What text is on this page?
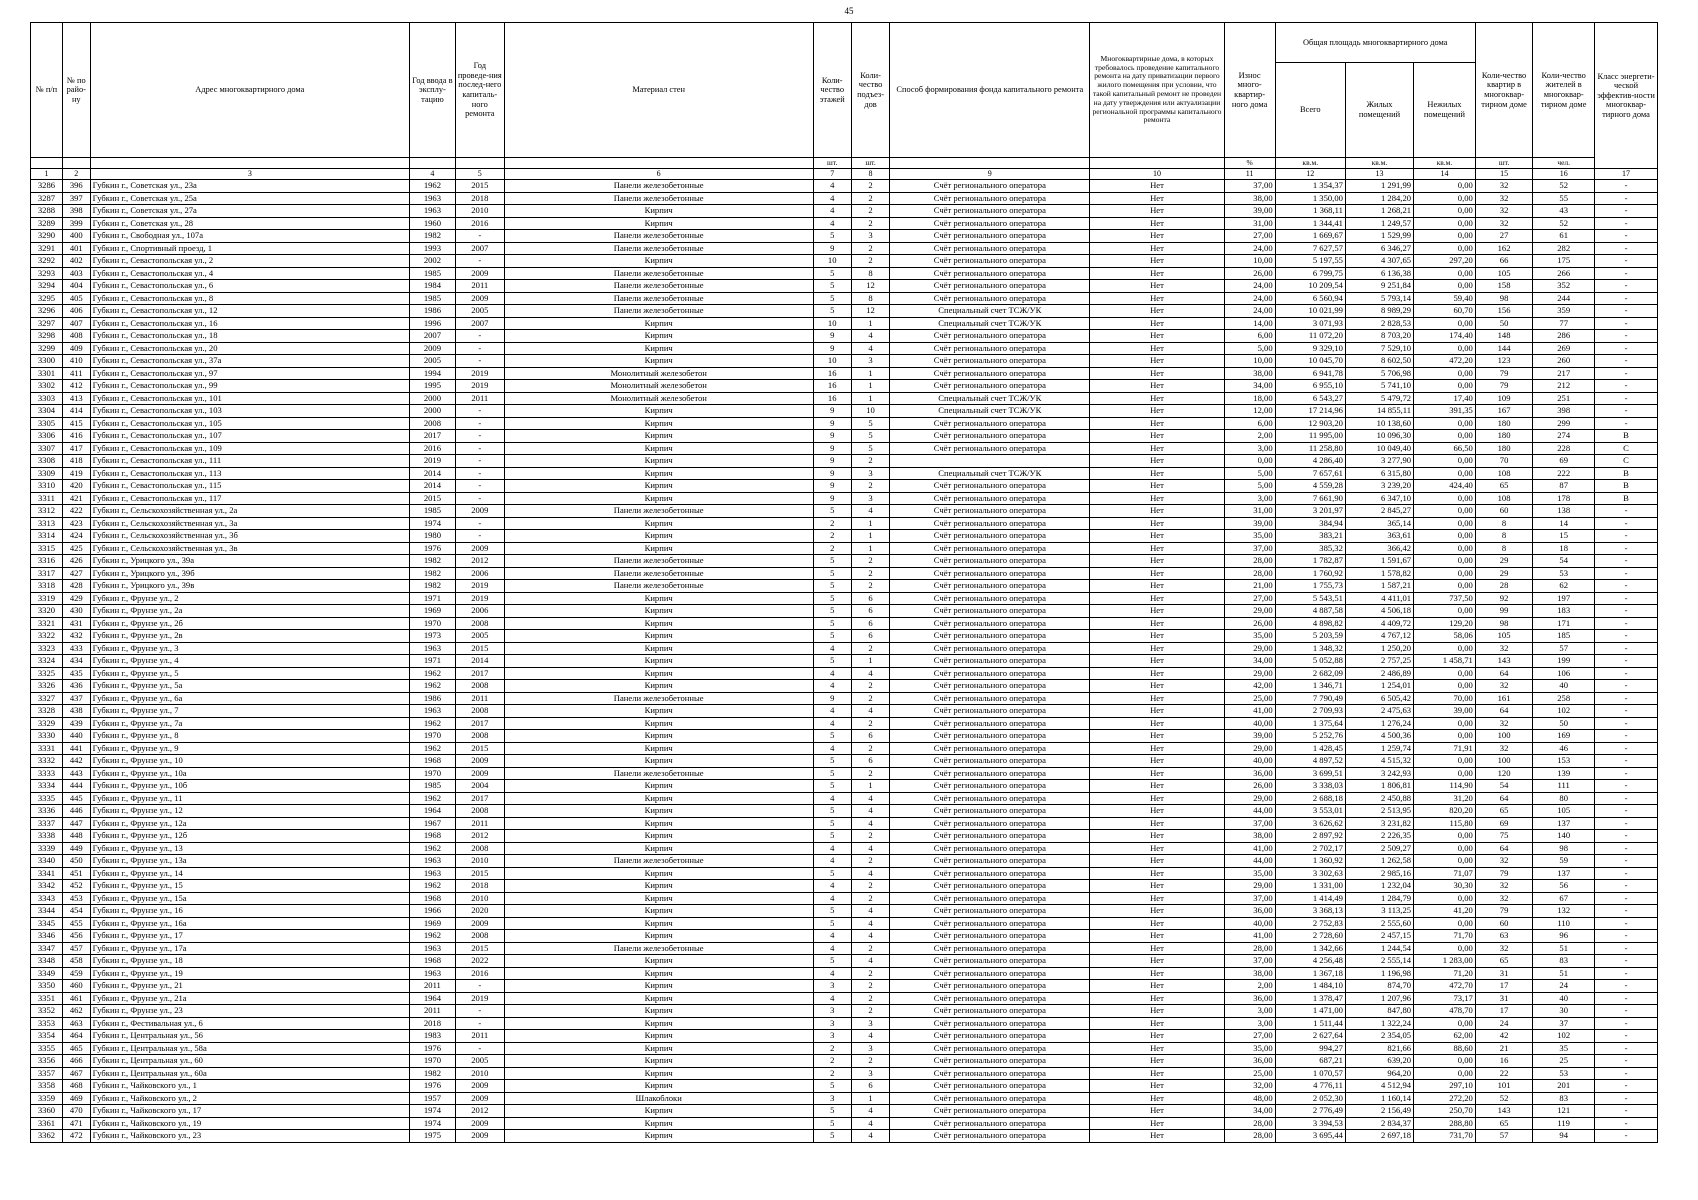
45
№ п/п	№ по райо-ну	Адрес многоквартирного дома	Год ввода в эксплу-тацию	Год проведе-ния послед-него капиталь-ного ремонта	Материал стен	Коли-чество этажей	Коли-чество подъез-дов	Способ формирования фонда капитального ремонта	Многоквартирные дома, в которых требовалось проведение капитального ремонта на дату приватизации первого жилого помещения при условии, что такой капитальный ремонт не проведен на дату утверждения или актуализации региональной программы капитального ремонта	Износ много-квартир-ного дома	Общая площадь многоквартирного дома			Коли-чество квартир в многоквар-тирном доме	Коли-чество жителей в многоквар-тирном доме	Класс энергети-ческой эффектив-ности многоквар-тирного дома
											Всего	Жилых помещений	Нежилых помещений			
						шт.	шт.			%	кв.м.	кв.м.	кв.м.	шт.	чел.	
1	2	3	4	5	6	7	8	9	10	11	12	13	14	15	16	17
3286	396	Губкин г., Советская ул., 23а	1962	2015	Панели железобетонные	4	2	Счёт регионального оператора	Нет	37,00	1 354,37	1 291,99	0,00	32	52	-
3287	397	Губкин г., Советская ул., 25а	1963	2018	Панели железобетонные	4	2	Счёт регионального оператора	Нет	38,00	1 350,00	1 284,20	0,00	32	55	-
3288	398	Губкин г., Советская ул., 27а	1963	2010	Кирпич	4	2	Счёт регионального оператора	Нет	39,00	1 368,11	1 268,21	0,00	32	43	-
3289	399	Губкин г., Советская ул., 28	1960	2016	Кирпич	4	2	Счёт регионального оператора	Нет	31,00	1 344,41	1 249,57	0,00	32	52	-
3290	400	Губкин г., Свободная ул., 107а	1982	-	Панели железобетонные	5	3	Счёт регионального оператора	Нет	27,00	1 669,67	1 529,99	0,00	27	61	-
3291	401	Губкин г., Спортивный проезд, 1	1993	2007	Панели железобетонные	9	2	Счёт регионального оператора	Нет	24,00	7 627,57	6 346,27	0,00	162	282	-
3292	402	Губкин г., Севастопольская ул., 2	2002	-	Кирпич	10	2	Счёт регионального оператора	Нет	10,00	5 197,55	4 307,65	297,20	66	175	-
3293	403	Губкин г., Севастопольская ул., 4	1985	2009	Панели железобетонные	5	8	Счёт регионального оператора	Нет	26,00	6 799,75	6 136,38	0,00	105	266	-
3294	404	Губкин г., Севастопольская ул., 6	1984	2011	Панели железобетонные	5	12	Счёт регионального оператора	Нет	24,00	10 209,54	9 251,84	0,00	158	352	-
3295	405	Губкин г., Севастопольская ул., 8	1985	2009	Панели железобетонные	5	8	Счёт регионального оператора	Нет	24,00	6 560,94	5 793,14	59,40	98	244	-
3296	406	Губкин г., Севастопольская ул., 12	1986	2005	Панели железобетонные	5	12	Специальный счет ТСЖ/УК	Нет	24,00	10 021,99	8 989,29	60,70	156	359	-
3297	407	Губкин г., Севастопольская ул., 16	1996	2007	Кирпич	10	1	Специальный счет ТСЖ/УК	Нет	14,00	3 071,93	2 828,53	0,00	50	77	-
3298	408	Губкин г., Севастопольская ул., 18	2007	-	Кирпич	9	4	Счёт регионального оператора	Нет	6,00	11 072,20	8 703,20	174,40	148	286	-
3299	409	Губкин г., Севастопольская ул., 20	2009	-	Кирпич	9	4	Счёт регионального оператора	Нет	5,00	9 329,10	7 529,10	0,00	144	269	-
3300	410	Губкин г., Севастопольская ул., 37а	2005	-	Кирпич	10	3	Счёт регионального оператора	Нет	10,00	10 045,70	8 602,50	472,20	123	260	-
3301	411	Губкин г., Севастопольская ул., 97	1994	2019	Монолитный железобетон	16	1	Счёт регионального оператора	Нет	38,00	6 941,78	5 706,98	0,00	79	217	-
3302	412	Губкин г., Севастопольская ул., 99	1995	2019	Монолитный железобетон	16	1	Счёт регионального оператора	Нет	34,00	6 955,10	5 741,10	0,00	79	212	-
3303	413	Губкин г., Севастопольская ул., 101	2000	2011	Монолитный железобетон	16	1	Специальный счет ТСЖ/УК	Нет	18,00	6 543,27	5 479,72	17,40	109	251	-
3304	414	Губкин г., Севастопольская ул., 103	2000	-	Кирпич	9	10	Специальный счет ТСЖ/УК	Нет	12,00	17 214,96	14 855,11	391,35	167	398	-
3305	415	Губкин г., Севастопольская ул., 105	2008	-	Кирпич	9	5	Счёт регионального оператора	Нет	6,00	12 903,20	10 138,60	0,00	180	299	-
3306	416	Губкин г., Севастопольская ул., 107	2017	-	Кирпич	9	5	Счёт регионального оператора	Нет	2,00	11 995,00	10 096,30	0,00	180	274	В
3307	417	Губкин г., Севастопольская ул., 109	2016	-	Кирпич	9	5	Счёт регионального оператора	Нет	3,00	11 258,80	10 049,40	66,50	180	228	С
3308	418	Губкин г., Севастопольская ул., 111	2019	-	Кирпич	9	2		Нет	0,00	4 286,40	3 277,90	0,00	70	69	С
3309	419	Губкин г., Севастопольская ул., 113	2014	-	Кирпич	9	3	Специальный счет ТСЖ/УК	Нет	5,00	7 657,61	6 315,80	0,00	108	222	В
3310	420	Губкин г., Севастопольская ул., 115	2014	-	Кирпич	9	2	Счёт регионального оператора	Нет	5,00	4 559,28	3 239,20	424,40	65	87	В
3311	421	Губкин г., Севастопольская ул., 117	2015	-	Кирпич	9	3	Счёт регионального оператора	Нет	3,00	7 661,90	6 347,10	0,00	108	178	В
3312	422	Губкин г., Сельскохозяйственная ул., 2а	1985	2009	Панели железобетонные	5	4	Счёт регионального оператора	Нет	31,00	3 201,97	2 845,27	0,00	60	138	-
3313	423	Губкин г., Сельскохозяйственная ул., 3а	1974	-	Кирпич	2	1	Счёт регионального оператора	Нет	39,00	384,94	365,14	0,00	8	14	-
3314	424	Губкин г., Сельскохозяйственная ул., 3б	1980	-	Кирпич	2	1	Счёт регионального оператора	Нет	35,00	383,21	363,61	0,00	8	15	-
3315	425	Губкин г., Сельскохозяйственная ул., 3в	1976	2009	Кирпич	2	1	Счёт регионального оператора	Нет	37,00	385,32	366,42	0,00	8	18	-
3316	426	Губкин г., Урицкого ул., 39а	1982	2012	Панели железобетонные	5	2	Счёт регионального оператора	Нет	28,00	1 782,87	1 591,67	0,00	29	54	-
3317	427	Губкин г., Урицкого ул., 39б	1982	2006	Панели железобетонные	5	2	Счёт регионального оператора	Нет	28,00	1 760,92	1 578,82	0,00	29	53	-
3318	428	Губкин г., Урицкого ул., 39в	1982	2019	Панели железобетонные	5	2	Счёт регионального оператора	Нет	21,00	1 755,73	1 587,21	0,00	28	62	-
3319	429	Губкин г., Фрунзе ул., 2	1971	2019	Кирпич	5	6	Счёт регионального оператора	Нет	27,00	5 543,51	4 411,01	737,50	92	197	-
3320	430	Губкин г., Фрунзе ул., 2а	1969	2006	Кирпич	5	6	Счёт регионального оператора	Нет	29,00	4 887,58	4 506,18	0,00	99	183	-
3321	431	Губкин г., Фрунзе ул., 2б	1970	2008	Кирпич	5	6	Счёт регионального оператора	Нет	26,00	4 898,82	4 409,72	129,20	98	171	-
3322	432	Губкин г., Фрунзе ул., 2в	1973	2005	Кирпич	5	6	Счёт регионального оператора	Нет	35,00	5 203,59	4 767,12	58,06	105	185	-
3323	433	Губкин г., Фрунзе ул., 3	1963	2015	Кирпич	4	2	Счёт регионального оператора	Нет	29,00	1 348,32	1 250,20	0,00	32	57	-
3324	434	Губкин г., Фрунзе ул., 4	1971	2014	Кирпич	5	1	Счёт регионального оператора	Нет	34,00	5 052,88	2 757,25	1 458,71	143	199	-
3325	435	Губкин г., Фрунзе ул., 5	1962	2017	Кирпич	4	4	Счёт регионального оператора	Нет	29,00	2 682,09	2 486,89	0,00	64	106	-
3326	436	Губкин г., Фрунзе ул., 5а	1962	2008	Кирпич	4	2	Счёт регионального оператора	Нет	42,00	1 346,71	1 254,01	0,00	32	40	-
3327	437	Губкин г., Фрунзе ул., 6а	1986	2011	Панели железобетонные	9	2	Счёт регионального оператора	Нет	25,00	7 790,49	6 505,42	70,00	161	258	-
3328	438	Губкин г., Фрунзе ул., 7	1963	2008	Кирпич	4	4	Счёт регионального оператора	Нет	41,00	2 709,93	2 475,63	39,00	64	102	-
3329	439	Губкин г., Фрунзе ул., 7а	1962	2017	Кирпич	4	2	Счёт регионального оператора	Нет	40,00	1 375,64	1 276,24	0,00	32	50	-
3330	440	Губкин г., Фрунзе ул., 8	1970	2008	Кирпич	5	6	Счёт регионального оператора	Нет	39,00	5 252,76	4 500,36	0,00	100	169	-
3331	441	Губкин г., Фрунзе ул., 9	1962	2015	Кирпич	4	2	Счёт регионального оператора	Нет	29,00	1 428,45	1 259,74	71,91	32	46	-
3332	442	Губкин г., Фрунзе ул., 10	1968	2009	Кирпич	5	6	Счёт регионального оператора	Нет	40,00	4 897,52	4 515,32	0,00	100	153	-
3333	443	Губкин г., Фрунзе ул., 10а	1970	2009	Панели железобетонные	5	2	Счёт регионального оператора	Нет	36,00	3 699,51	3 242,93	0,00	120	139	-
3334	444	Губкин г., Фрунзе ул., 10б	1985	2004	Кирпич	5	1	Счёт регионального оператора	Нет	26,00	3 338,03	1 806,81	114,90	54	111	-
3335	445	Губкин г., Фрунзе ул., 11	1962	2017	Кирпич	4	4	Счёт регионального оператора	Нет	29,00	2 688,18	2 450,88	31,20	64	80	-
3336	446	Губкин г., Фрунзе ул., 12	1964	2008	Кирпич	5	4	Счёт регионального оператора	Нет	44,00	3 553,01	2 513,95	820,20	65	105	-
3337	447	Губкин г., Фрунзе ул., 12а	1967	2011	Кирпич	5	4	Счёт регионального оператора	Нет	37,00	3 626,62	3 231,82	115,80	69	137	-
3338	448	Губкин г., Фрунзе ул., 12б	1968	2012	Кирпич	5	2	Счёт регионального оператора	Нет	38,00	2 897,92	2 226,35	0,00	75	140	-
3339	449	Губкин г., Фрунзе ул., 13	1962	2008	Кирпич	4	4	Счёт регионального оператора	Нет	41,00	2 702,17	2 509,27	0,00	64	98	-
3340	450	Губкин г., Фрунзе ул., 13а	1963	2010	Панели железобетонные	4	2	Счёт регионального оператора	Нет	44,00	1 360,92	1 262,58	0,00	32	59	-
3341	451	Губкин г., Фрунзе ул., 14	1963	2015	Кирпич	5	4	Счёт регионального оператора	Нет	35,00	3 302,63	2 985,16	71,07	79	137	-
3342	452	Губкин г., Фрунзе ул., 15	1962	2018	Кирпич	4	2	Счёт регионального оператора	Нет	29,00	1 331,00	1 232,04	30,30	32	56	-
3343	453	Губкин г., Фрунзе ул., 15а	1968	2010	Кирпич	4	2	Счёт регионального оператора	Нет	37,00	1 414,49	1 284,79	0,00	32	67	-
3344	454	Губкин г., Фрунзе ул., 16	1966	2020	Кирпич	5	4	Счёт регионального оператора	Нет	36,00	3 368,13	3 113,25	41,20	79	132	-
3345	455	Губкин г., Фрунзе ул., 16а	1969	2009	Кирпич	5	4	Счёт регионального оператора	Нет	40,00	2 752,83	2 555,60	0,00	60	110	-
3346	456	Губкин г., Фрунзе ул., 17	1962	2008	Кирпич	4	4	Счёт регионального оператора	Нет	41,00	2 728,60	2 457,15	71,70	63	96	-
3347	457	Губкин г., Фрунзе ул., 17а	1963	2015	Панели железобетонные	4	2	Счёт регионального оператора	Нет	28,00	1 342,66	1 244,54	0,00	32	51	-
3348	458	Губкин г., Фрунзе ул., 18	1968	2022	Кирпич	5	4	Счёт регионального оператора	Нет	37,00	4 256,48	2 555,14	1 283,00	65	83	-
3349	459	Губкин г., Фрунзе ул., 19	1963	2016	Кирпич	4	2	Счёт регионального оператора	Нет	38,00	1 367,18	1 196,98	71,20	31	51	-
3350	460	Губкин г., Фрунзе ул., 21	2011	-	Кирпич	3	2	Счёт регионального оператора	Нет	2,00	1 484,10	874,70	472,70	17	24	-
3351	461	Губкин г., Фрунзе ул., 21а	1964	2019	Кирпич	4	2	Счёт регионального оператора	Нет	36,00	1 378,47	1 207,96	73,17	31	40	-
3352	462	Губкин г., Фрунзе ул., 23	2011	-	Кирпич	3	2	Счёт регионального оператора	Нет	3,00	1 471,00	847,80	478,70	17	30	-
3353	463	Губкин г., Фестивальная ул., 6	2018	-	Кирпич	3	3	Счёт регионального оператора	Нет	3,00	1 511,44	1 322,24	0,00	24	37	-
3354	464	Губкин г., Центральная ул., 56	1983	2011	Кирпич	3	4	Счёт регионального оператора	Нет	27,00	2 627,64	2 354,05	62,00	42	102	-
3355	465	Губкин г., Центральная ул., 58а	1976	-	Кирпич	2	3	Счёт регионального оператора	Нет	35,00	994,27	821,66	88,60	21	35	-
3356	466	Губкин г., Центральная ул., 60	1970	2005	Кирпич	2	2	Счёт регионального оператора	Нет	36,00	687,21	639,20	0,00	16	25	-
3357	467	Губкин г., Центральная ул., 60а	1982	2010	Кирпич	2	3	Счёт регионального оператора	Нет	25,00	1 070,57	964,20	0,00	22	53	-
3358	468	Губкин г., Чайковского ул., 1	1976	2009	Кирпич	5	6	Счёт регионального оператора	Нет	32,00	4 776,11	4 512,94	297,10	101	201	-
3359	469	Губкин г., Чайковского ул., 2	1957	2009	Шлакоблоки	3	1	Счёт регионального оператора	Нет	48,00	2 052,30	1 160,14	272,20	52	83	-
3360	470	Губкин г., Чайковского ул., 17	1974	2012	Кирпич	5	4	Счёт регионального оператора	Нет	34,00	2 776,49	2 156,49	250,70	143	121	-
3361	471	Губкин г., Чайковского ул., 19	1974	2009	Кирпич	5	4	Счёт регионального оператора	Нет	28,00	3 394,53	2 834,37	288,80	65	119	-
3362	472	Губкин г., Чайковского ул., 23	1975	2009	Кирпич	5	4	Счёт регионального оператора	Нет	28,00	3 695,44	2 697,18	731,70	57	94	-
